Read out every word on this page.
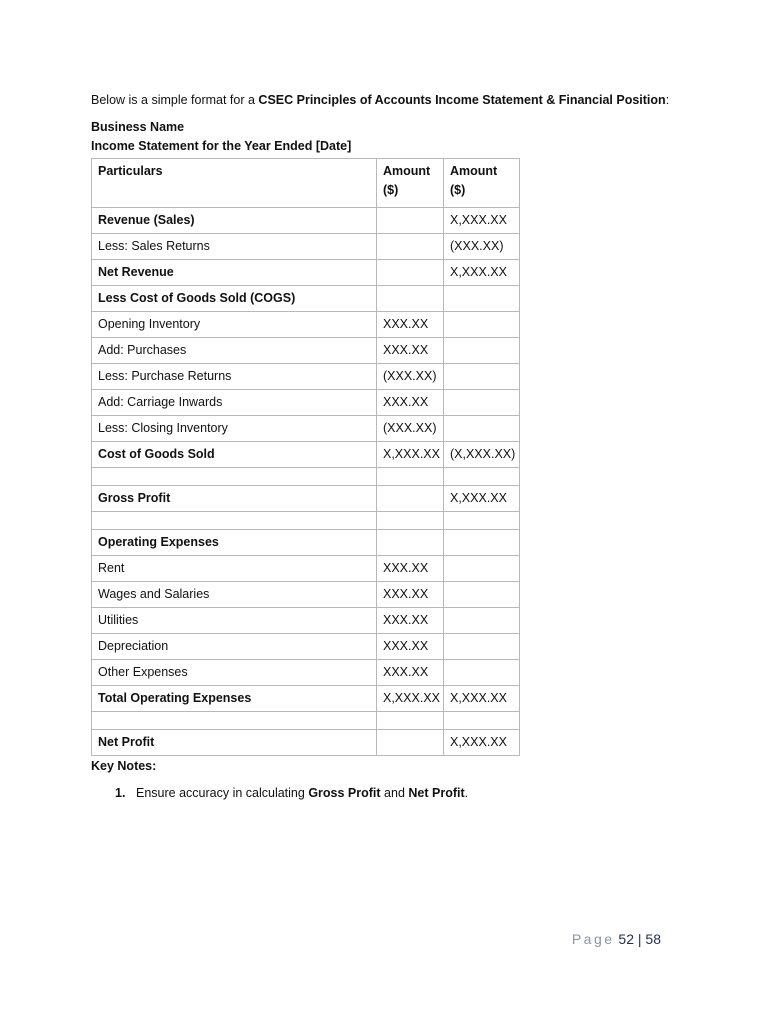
Below is a simple format for a CSEC Principles of Accounts Income Statement & Financial Position:

Business Name

Income Statement for the Year Ended [Date]

Particulars	Amount ($)	Amount ($)
Revenue (Sales)		X,XXX.XX
Less: Sales Returns		(XXX.XX)
Net Revenue		X,XXX.XX
Less Cost of Goods Sold (COGS)		
Opening Inventory	XXX.XX	
Add: Purchases	XXX.XX	
Less: Purchase Returns	(XXX.XX)	
Add: Carriage Inwards	XXX.XX	
Less: Closing Inventory	(XXX.XX)	
Cost of Goods Sold	X,XXX.XX	(X,XXX.XX)

Gross Profit		X,XXX.XX

Operating Expenses		
Rent	XXX.XX	
Wages and Salaries	XXX.XX	
Utilities	XXX.XX	
Depreciation	XXX.XX	
Other Expenses	XXX.XX	
Total Operating Expenses	X,XXX.XX	X,XXX.XX

Net Profit		X,XXX.XX
Key Notes:
1. Ensure accuracy in calculating Gross Profit and Net Profit.
Page 52 | 58
